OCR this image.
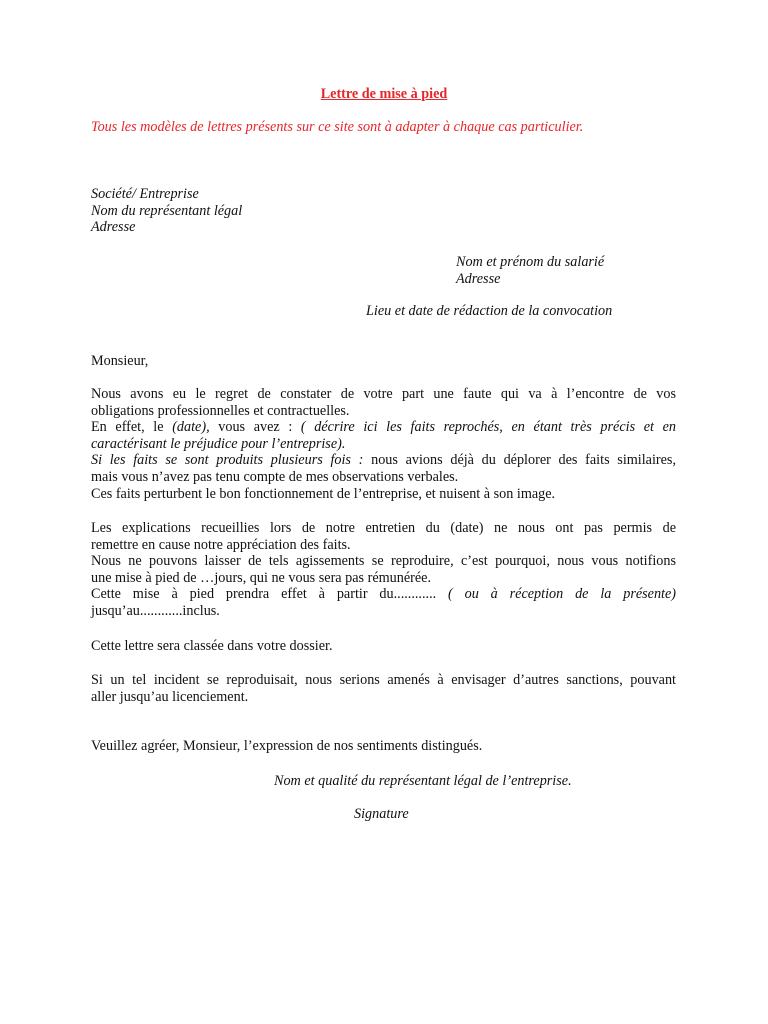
Lettre de mise à pied
Tous les modèles de lettres présents sur ce site sont à adapter à chaque cas particulier.
Société/ Entreprise
Nom du représentant légal
Adresse
Nom et prénom du salarié
Adresse
Lieu et date de rédaction de la convocation
Monsieur,
Nous avons eu le regret de constater de votre part une faute qui va à l’encontre de vos
obligations professionnelles et contractuelles.
En effet, le (date), vous avez : ( décrire ici les faits reprochés, en étant très précis et en
caractérisant le préjudice pour l’entreprise).
Si les faits se sont produits plusieurs fois : nous avions déjà du déplorer des faits similaires,
mais vous n’avez pas tenu compte de mes observations verbales.
Ces faits perturbent le bon fonctionnement de l’entreprise, et nuisent à son image.
Les explications recueillies lors de notre entretien du (date) ne nous ont pas permis de
remettre en cause notre appréciation des faits.
Nous ne pouvons laisser de tels agissements se reproduire, c’est pourquoi, nous vous notifions
une mise à pied de …jours, qui ne vous sera pas rémunérée.
Cette mise à pied prendra effet à partir du............ ( ou à réception de la présente)
jusqu’au............inclus.
Cette lettre sera classée dans votre dossier.
Si un tel incident se reproduisait, nous serions amenés à envisager d’autres sanctions, pouvant
aller jusqu’au licenciement.
Veuillez agréer, Monsieur, l’expression de nos sentiments distingués.
Nom et qualité du représentant légal de l’entreprise.
Signature
